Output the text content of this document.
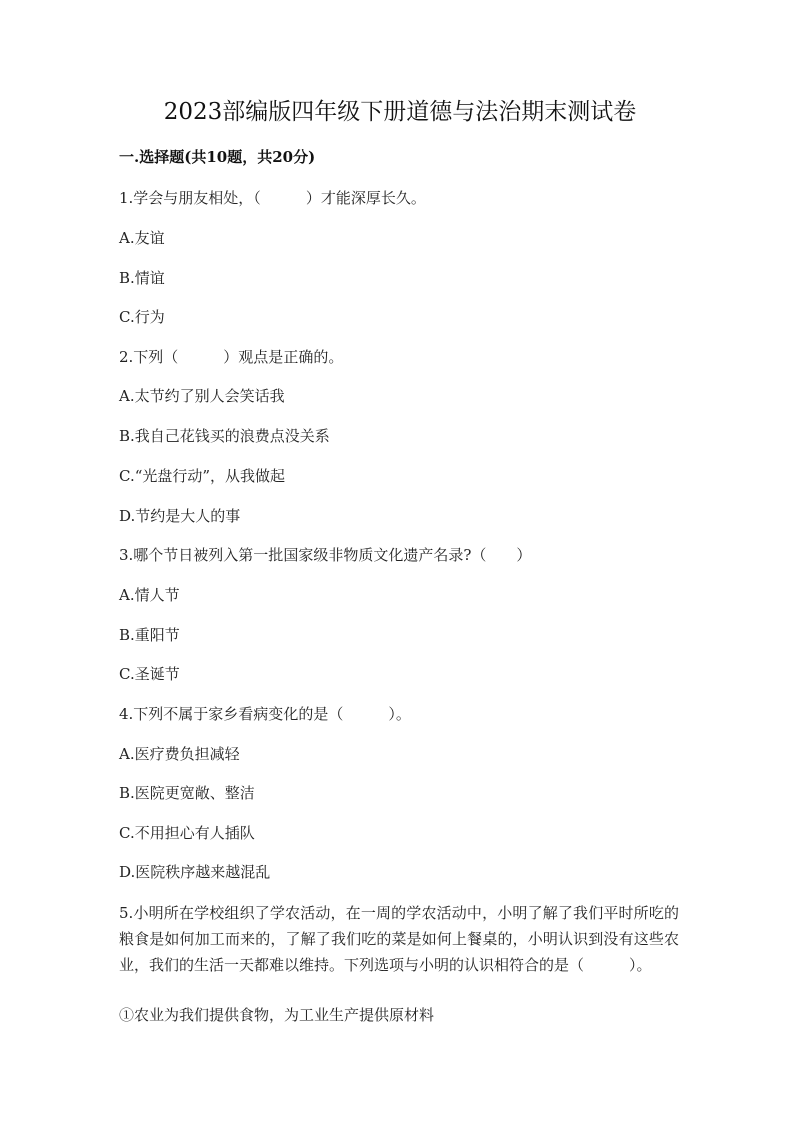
2023部编版四年级下册道德与法治期末测试卷
一.选择题(共10题，共20分)
1.学会与朋友相处，（　　　）才能深厚长久。
A.友谊
B.情谊
C.行为
2.下列（　　　）观点是正确的。
A.太节约了别人会笑话我
B.我自己花钱买的浪费点没关系
C.“光盘行动”，从我做起
D.节约是大人的事
3.哪个节日被列入第一批国家级非物质文化遗产名录?（　　）
A.情人节
B.重阳节
C.圣诞节
4.下列不属于家乡看病变化的是（　　　）。
A.医疗费负担减轻
B.医院更宽敞、整洁
C.不用担心有人插队
D.医院秩序越来越混乱
5.小明所在学校组织了学农活动，在一周的学农活动中，小明了解了我们平时所吃的粮食是如何加工而来的，了解了我们吃的菜是如何上餐桌的，小明认识到没有这些农业，我们的生活一天都难以维持。下列选项与小明的认识相符合的是（　　　）。
①农业为我们提供食物，为工业生产提供原材料
